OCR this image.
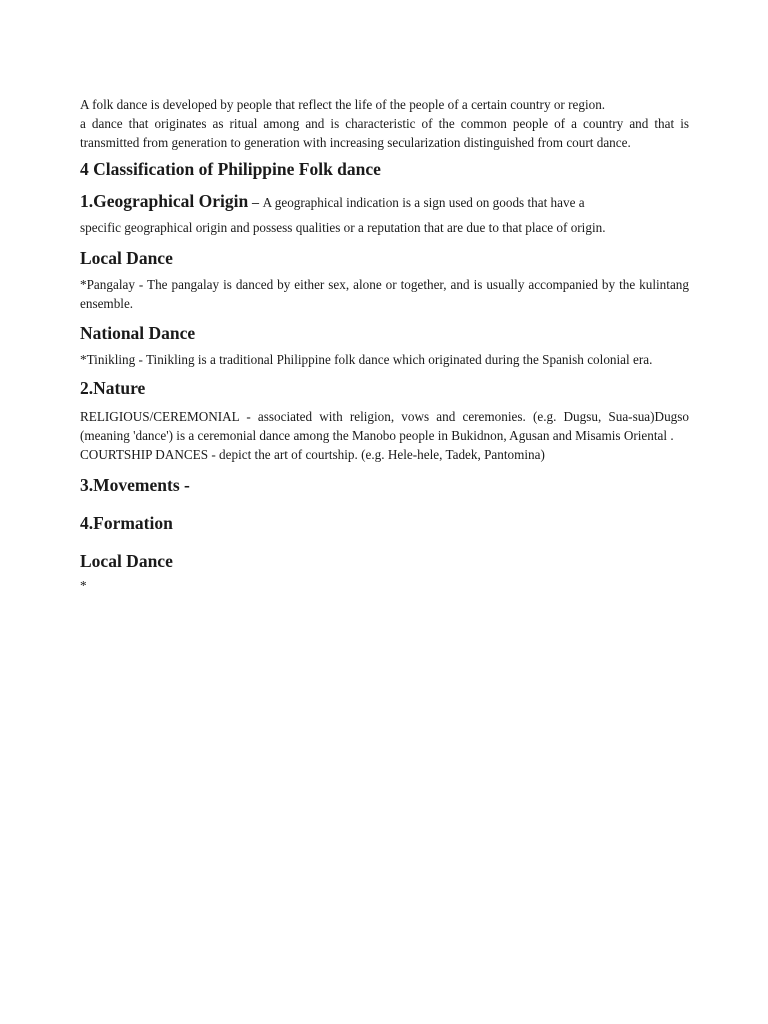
A folk dance is developed by people that reflect the life of the people of a certain country or region.

a dance that originates as ritual among and is characteristic of the common people of a country and that is transmitted from generation to generation with increasing secularization distinguished from court dance.

4 Classification of Philippine Folk dance

1.Geographical Origin – A geographical indication is a sign used on goods that have a

specific geographical origin and possess qualities or a reputation that are due to that place of origin.

Local Dance

*Pangalay - The pangalay is danced by either sex, alone or together, and is usually accompanied by the kulintang ensemble.

National Dance

*Tinikling - Tinikling is a traditional Philippine folk dance which originated during the Spanish colonial era.

2.Nature

RELIGIOUS/CEREMONIAL - associated with religion, vows and ceremonies. (e.g. Dugsu, Sua-sua)Dugso (meaning 'dance') is a ceremonial dance among the Manobo people in Bukidnon, Agusan and Misamis Oriental .

COURTSHIP DANCES - depict the art of courtship. (e.g. Hele-hele, Tadek, Pantomina)

3.Movements -
4.Formation
Local Dance

*
